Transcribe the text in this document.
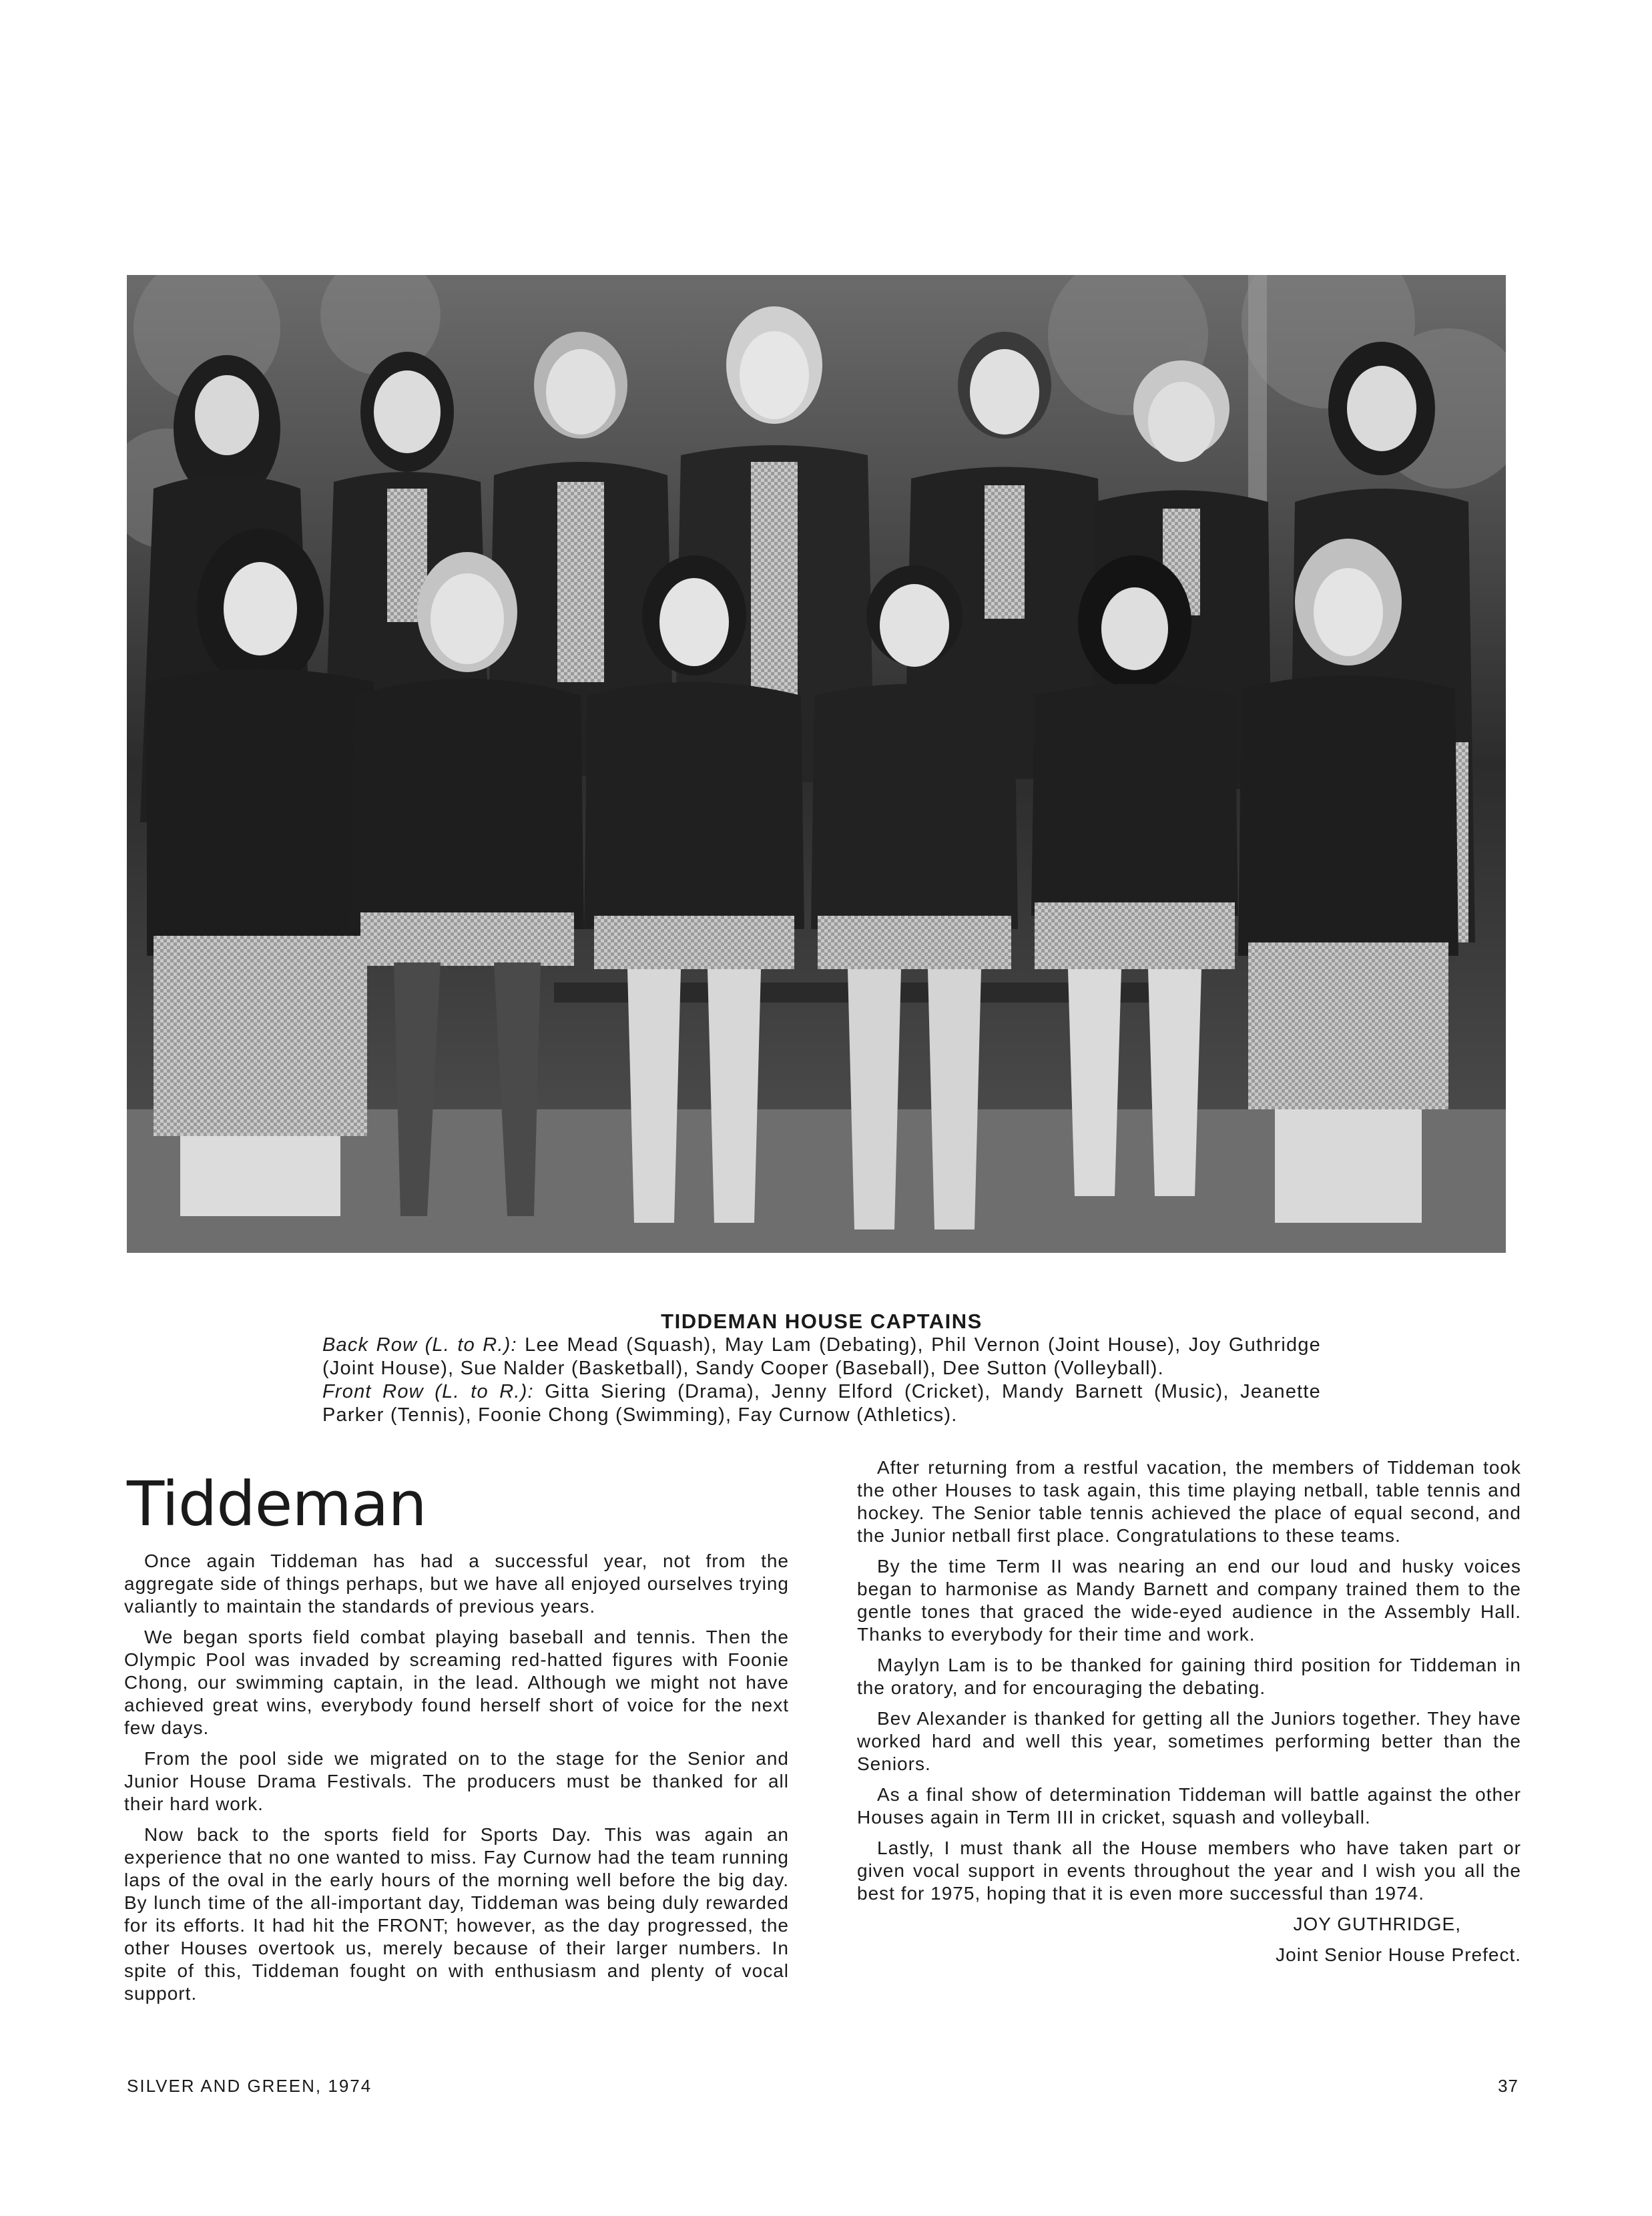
TIDDEMAN HOUSE CAPTAINS

Back Row (L. to R.): Lee Mead (Squash), May Lam (Debating), Phil Vernon (Joint House), Joy Guthridge (Joint House), Sue Nalder (Basketball), Sandy Cooper (Baseball), Dee Sutton (Volleyball).

Front Row (L. to R.): Gitta Siering (Drama), Jenny Elford (Cricket), Mandy Barnett (Music), Jeanette Parker (Tennis), Foonie Chong (Swimming), Fay Curnow (Athletics).

Tiddeman

Once again Tiddeman has had a successful year, not from the aggregate side of things perhaps, but we have all enjoyed ourselves trying valiantly to maintain the standards of previous years.

We began sports field combat playing baseball and tennis. Then the Olympic Pool was invaded by screaming red-hatted figures with Foonie Chong, our swimming captain, in the lead. Although we might not have achieved great wins, everybody found herself short of voice for the next few days.

From the pool side we migrated on to the stage for the Senior and Junior House Drama Festivals. The producers must be thanked for all their hard work.

Now back to the sports field for Sports Day. This was again an experience that no one wanted to miss. Fay Curnow had the team running laps of the oval in the early hours of the morning well before the big day. By lunch time of the all-important day, Tiddeman was being duly rewarded for its efforts. It had hit the FRONT; however, as the day progressed, the other Houses overtook us, merely because of their larger numbers. In spite of this, Tiddeman fought on with enthusiasm and plenty of vocal support.

After returning from a restful vacation, the members of Tiddeman took the other Houses to task again, this time playing netball, table tennis and hockey. The Senior table tennis achieved the place of equal second, and the Junior netball first place. Congratulations to these teams.

By the time Term II was nearing an end our loud and husky voices began to harmonise as Mandy Barnett and company trained them to the gentle tones that graced the wide-eyed audience in the Assembly Hall. Thanks to everybody for their time and work.

Maylyn Lam is to be thanked for gaining third position for Tiddeman in the oratory, and for encouraging the debating.

Bev Alexander is thanked for getting all the Juniors together. They have worked hard and well this year, sometimes performing better than the Seniors.

As a final show of determination Tiddeman will battle against the other Houses again in Term III in cricket, squash and volleyball.

Lastly, I must thank all the House members who have taken part or given vocal support in events throughout the year and I wish you all the best for 1975, hoping that it is even more successful than 1974.

JOY GUTHRIDGE,

Joint Senior House Prefect.

SILVER AND GREEN, 1974	37
